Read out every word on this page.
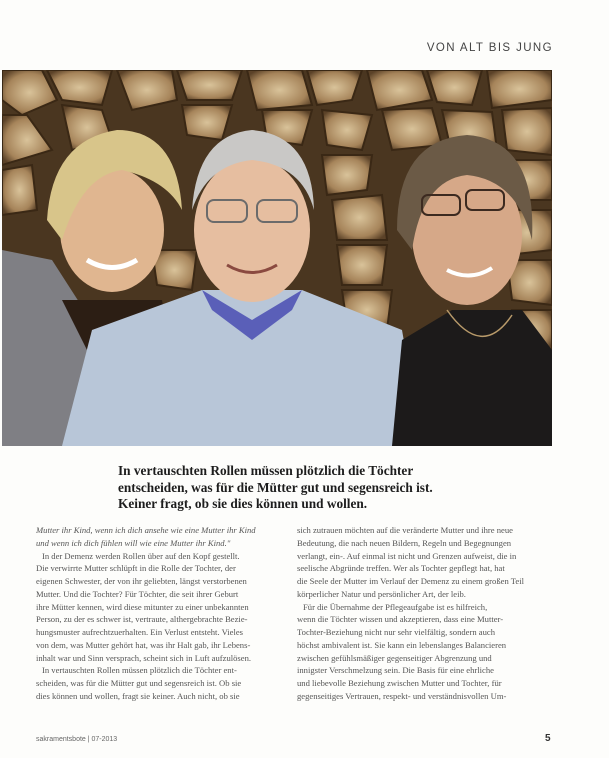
VON ALT BIS JUNG
In vertauschten Rollen müssen plötzlich die Töchter
entscheiden, was für die Mütter gut und segensreich ist.
Keiner fragt, ob sie dies können und wollen.
Mutter ihr Kind, wenn ich dich ansehe wie eine Mutter ihr Kind
und wenn ich dich fühlen will wie eine Mutter ihr Kind."
In der Demenz werden Rollen über auf den Kopf gestellt.
Die verwirrte Mutter schlüpft in die Rolle der Tochter, der
eigenen Schwester, der von ihr geliebten, längst verstorbenen
Mutter. Und die Tochter? Für Töchter, die seit ihrer Geburt
ihre Mütter kennen, wird diese mitunter zu einer unbekannten
Person, zu der es schwer ist, vertraute, althergebrachte Bezie-
hungsmuster aufrechtzuerhalten. Ein Verlust entsteht. Vieles
von dem, was Mutter gehört hat, was ihr Halt gab, ihr Lebens-
inhalt war und Sinn versprach, scheint sich in Luft aufzulösen.
In vertauschten Rollen müssen plötzlich die Töchter ent-
scheiden, was für die Mütter gut und segensreich ist. Ob sie
dies können und wollen, fragt sie keiner. Auch nicht, ob sie
sich zutrauen möchten auf die veränderte Mutter und ihre neue
Bedeutung, die nach neuen Bildern, Regeln und Begegnungen
verlangt, ein-. Auf einmal ist nicht und Grenzen aufweist, die in
seelische Abgründe treffen. Wer als Tochter gepflegt hat, hat
die Seele der Mutter im Verlauf der Demenz zu einem großen Teil
körperlicher Natur und persönlicher Art, der leib.
Für die Übernahme der Pflegeaufgabe ist es hilfreich,
wenn die Töchter wissen und akzeptieren, dass eine Mutter-
Tochter-Beziehung nicht nur sehr vielfältig, sondern auch
höchst ambivalent ist. Sie kann ein lebenslanges Balancieren
zwischen gefühlsmäßiger gegenseitiger Abgrenzung und
innigster Verschmelzung sein. Die Basis für eine ehrliche
und liebevolle Beziehung zwischen Mutter und Tochter, für
gegenseitiges Vertrauen, respekt- und verständnisvollen Um-
sakramentsbote | 07-2013	5
